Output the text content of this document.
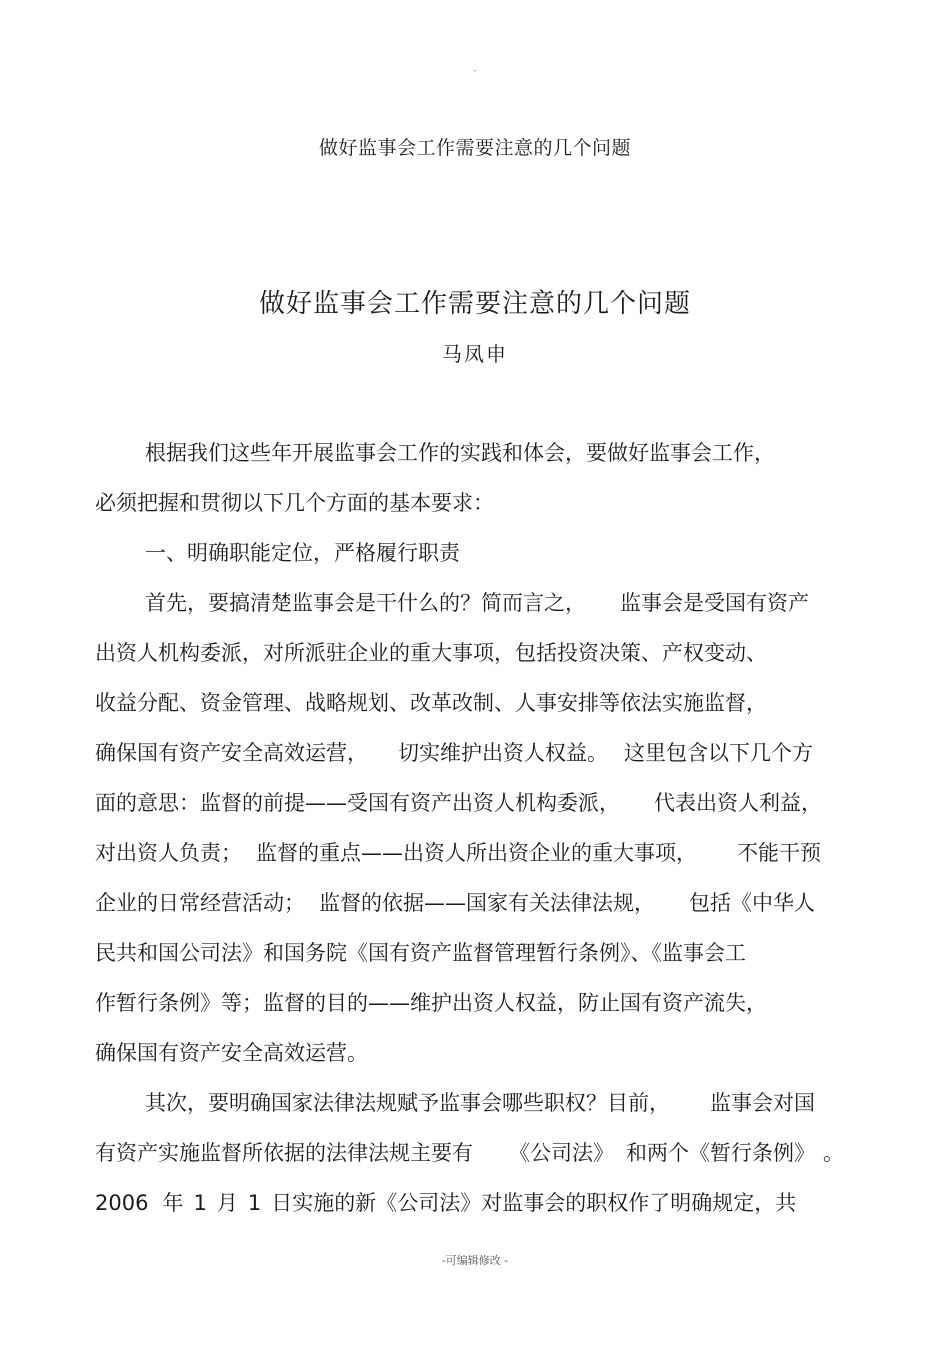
-
做好监事会工作需要注意的几个问题
做好监事会工作需要注意的几个问题
马凤申
根据我们这些年开展监事会工作的实践和体会，要做好监事会工作，
必须把握和贯彻以下几个方面的基本要求：
一、明确职能定位，严格履行职责
首先，要搞清楚监事会是干什么的？简而言之， 监事会是受国有资产
出资人机构委派，对所派驻企业的重大事项，包括投资决策、产权变动、
收益分配、资金管理、战略规划、改革改制、人事安排等依法实施监督，
确保国有资产安全高效运营， 切实维护出资人权益。 这里包含以下几个方
面的意思：监督的前提——受国有资产出资人机构委派， 代表出资人利益，
对出资人负责； 监督的重点——出资人所出资企业的重大事项， 不能干预
企业的日常经营活动； 监督的依据——国家有关法律法规， 包括《中华人
民共和国公司法》和国务院《国有资产监督管理暂行条例》、《监事会工
作暂行条例》等；监督的目的——维护出资人权益，防止国有资产流失，
确保国有资产安全高效运营。
其次，要明确国家法律法规赋予监事会哪些职权？目前， 监事会对国
有资产实施监督所依据的法律法规主要有 《公司法》 和两个《暂行条例》 。
2006 年 1 月 1 日实施的新《公司法》对监事会的职权作了明确规定，共
-可编辑修改 -
